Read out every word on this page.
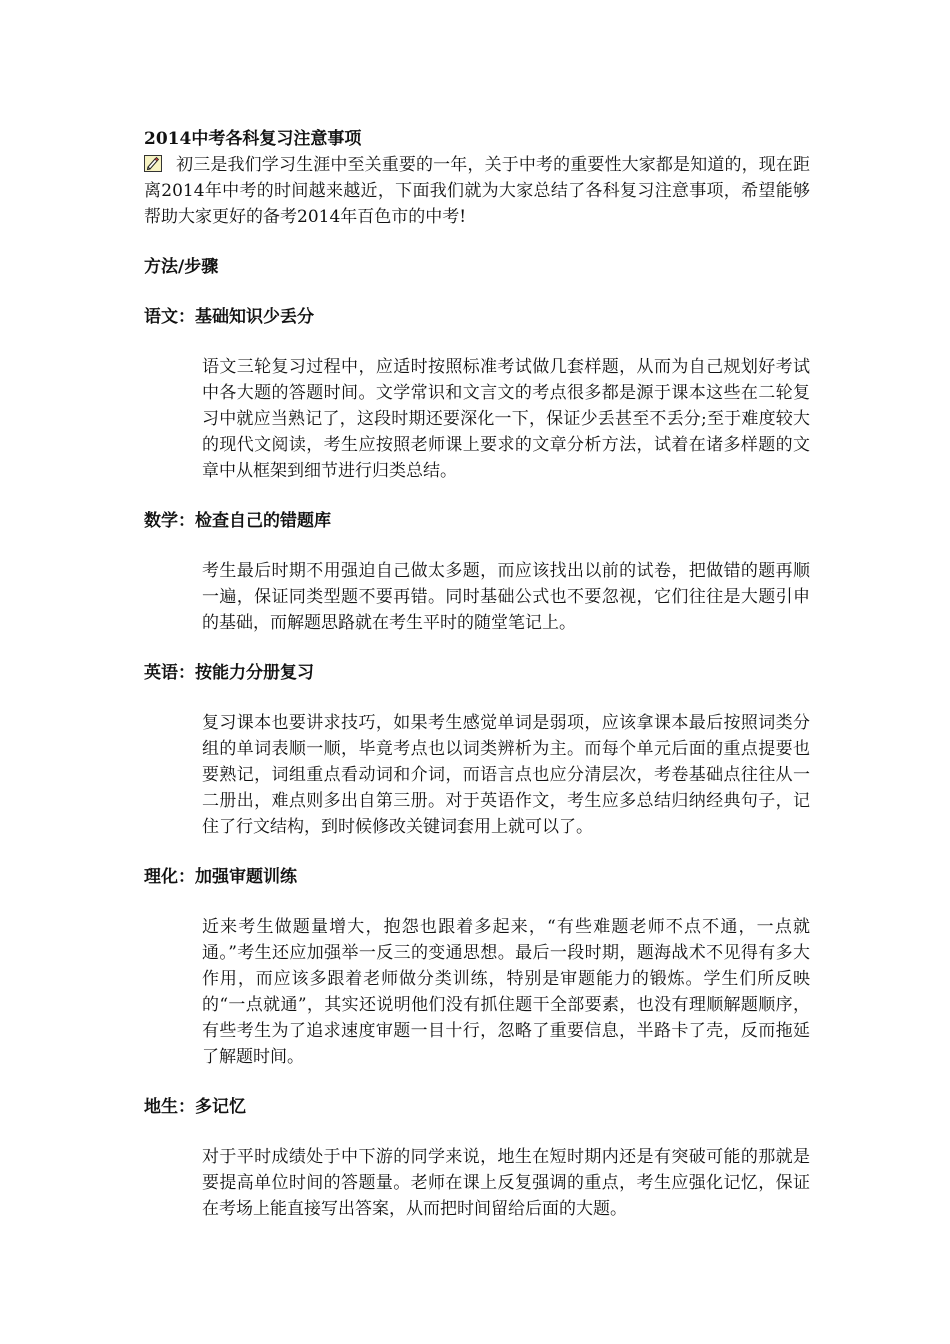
2014中考各科复习注意事项

初三是我们学习生涯中至关重要的一年，关于中考的重要性大家都是知道的，现在距离2014年中考的时间越来越近，下面我们就为大家总结了各科复习注意事项，希望能够帮助大家更好的备考2014年百色市的中考!

方法/步骤
语文：基础知识少丢分

语文三轮复习过程中，应适时按照标准考试做几套样题，从而为自己规划好考试中各大题的答题时间。文学常识和文言文的考点很多都是源于课本这些在二轮复习中就应当熟记了，这段时期还要深化一下，保证少丢甚至不丢分;至于难度较大的现代文阅读，考生应按照老师课上要求的文章分析方法，试着在诸多样题的文章中从框架到细节进行归类总结。

数学：检查自己的错题库

考生最后时期不用强迫自己做太多题，而应该找出以前的试卷，把做错的题再顺一遍，保证同类型题不要再错。同时基础公式也不要忽视，它们往往是大题引申的基础，而解题思路就在考生平时的随堂笔记上。

英语：按能力分册复习

复习课本也要讲求技巧，如果考生感觉单词是弱项，应该拿课本最后按照词类分组的单词表顺一顺，毕竟考点也以词类辨析为主。而每个单元后面的重点提要也要熟记，词组重点看动词和介词，而语言点也应分清层次，考卷基础点往往从一二册出，难点则多出自第三册。对于英语作文，考生应多总结归纳经典句子，记住了行文结构，到时候修改关键词套用上就可以了。

理化：加强审题训练

近来考生做题量增大，抱怨也跟着多起来，“有些难题老师不点不通，一点就通。”考生还应加强举一反三的变通思想。最后一段时期，题海战术不见得有多大作用，而应该多跟着老师做分类训练，特别是审题能力的锻炼。学生们所反映的“一点就通”，其实还说明他们没有抓住题干全部要素，也没有理顺解题顺序，有些考生为了追求速度审题一目十行，忽略了重要信息，半路卡了壳，反而拖延了解题时间。

地生：多记忆

对于平时成绩处于中下游的同学来说，地生在短时期内还是有突破可能的那就是要提高单位时间的答题量。老师在课上反复强调的重点，考生应强化记忆，保证在考场上能直接写出答案，从而把时间留给后面的大题。
